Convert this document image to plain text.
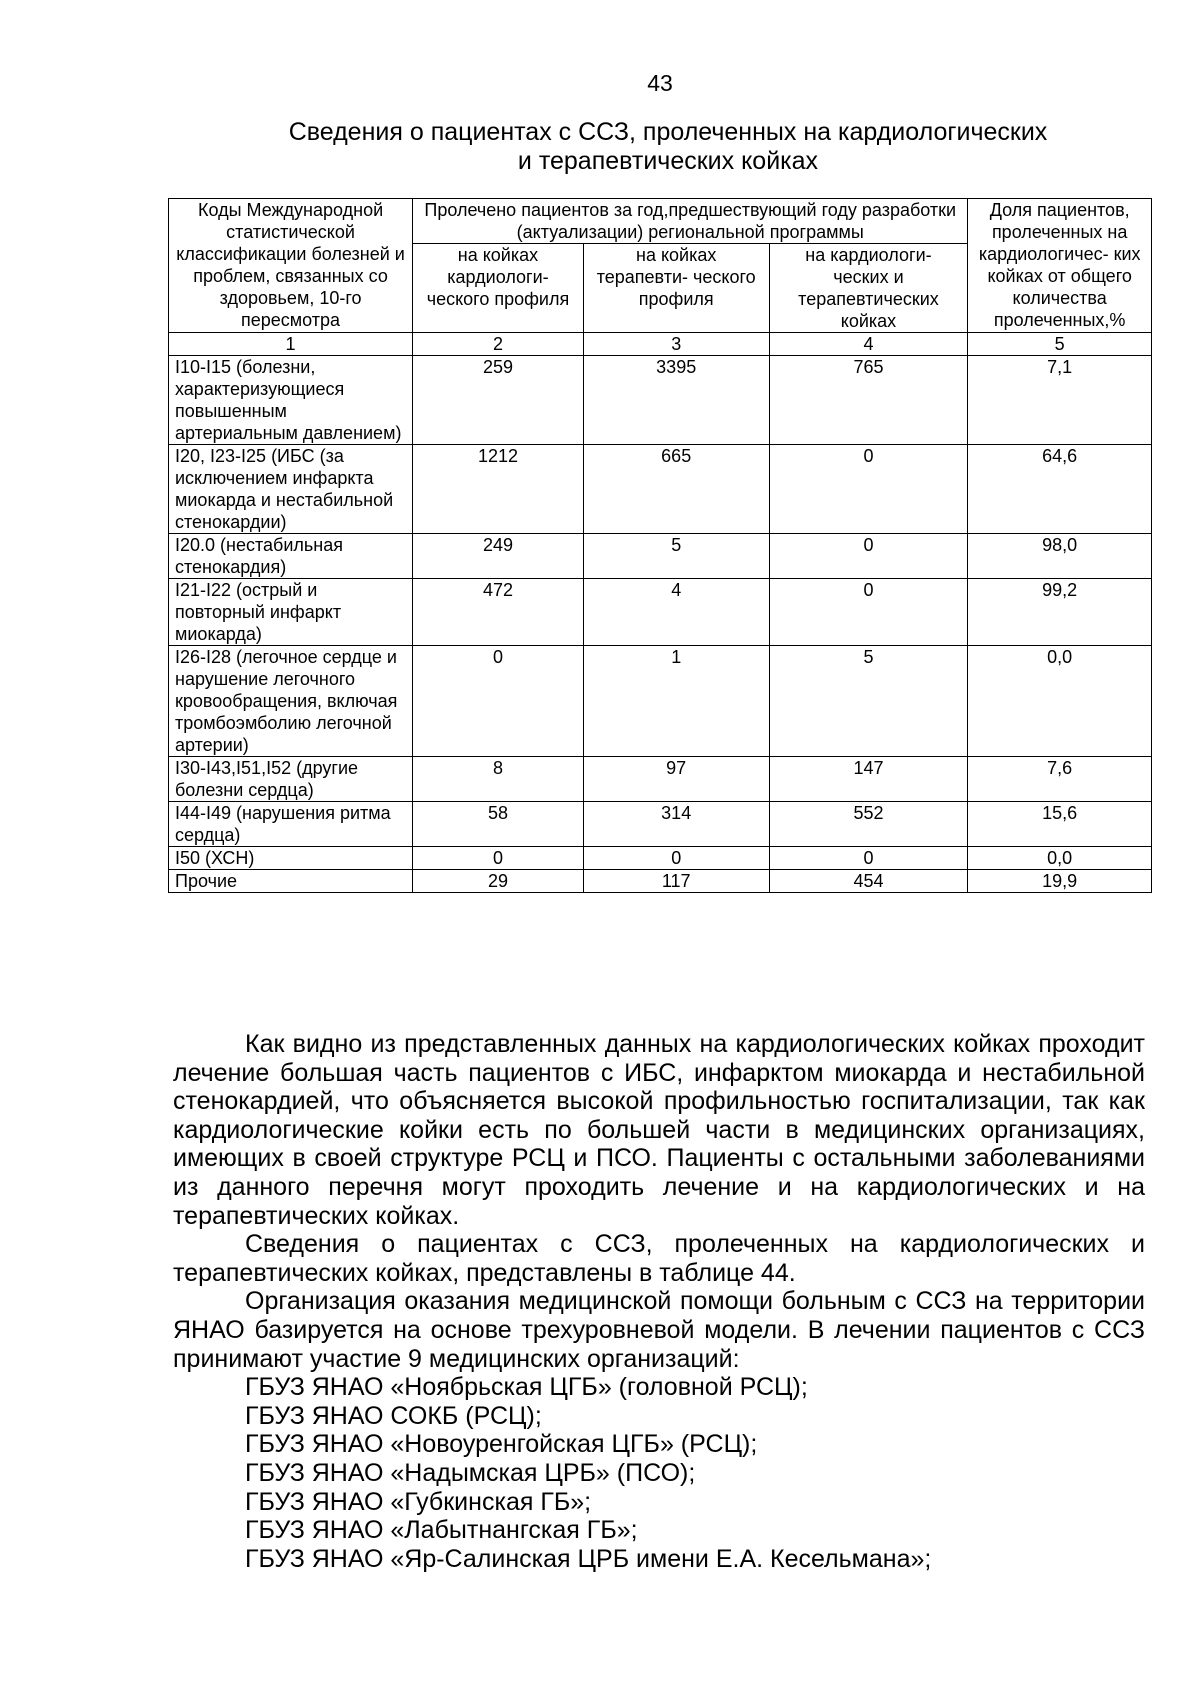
43
Сведения о пациентах с ССЗ, пролеченных на кардиологических
и терапевтических койках
Коды Международной статистической классификации болезней и проблем, связанных со здоровьем, 10-го пересмотра	Пролечено пациентов за год,предшествующий году разработки (актуализации) региональной программы			Доля пациентов, пролеченных на кардиологичес- ких койках от общего количества пролеченных,%
	на койках кардиологи- ческого профиля	на койках терапевти- ческого профиля	на кардиологи- ческих и терапевтических койках	
1	2	3	4	5
I10-I15 (болезни, характеризующиеся повышенным артериальным давлением)	259	3395	765	7,1
I20, I23-I25 (ИБС (за исключением инфаркта миокарда и нестабильной стенокардии)	1212	665	0	64,6
I20.0 (нестабильная стенокардия)	249	5	0	98,0
I21-I22 (острый и повторный инфаркт миокарда)	472	4	0	99,2
I26-I28 (легочное сердце и нарушение легочного кровообращения, включая тромбоэмболию легочной артерии)	0	1	5	0,0
I30-I43,I51,I52 (другие болезни сердца)	8	97	147	7,6
I44-I49 (нарушения ритма сердца)	58	314	552	15,6
I50 (ХСН)	0	0	0	0,0
Прочие	29	117	454	19,9

Как видно из представленных данных на кардиологических койках проходит лечение большая часть пациентов с ИБС, инфарктом миокарда и нестабильной стенокардией, что объясняется высокой профильностью госпитализации, так как кардиологические койки есть по большей части в медицинских организациях, имеющих в своей структуре РСЦ и ПСО. Пациенты с остальными заболеваниями из данного перечня могут проходить лечение и на кардиологических и на терапевтических койках.

Сведения о пациентах с ССЗ, пролеченных на кардиологических и терапевтических койках, представлены в таблице 44.

Организация оказания медицинской помощи больным с ССЗ на территории ЯНАО базируется на основе трехуровневой модели. В лечении пациентов с ССЗ принимают участие 9 медицинских организаций:

ГБУЗ ЯНАО «Ноябрьская ЦГБ» (головной РСЦ);

ГБУЗ ЯНАО СОКБ (РСЦ);

ГБУЗ ЯНАО «Новоуренгойская ЦГБ» (РСЦ);

ГБУЗ ЯНАО «Надымская ЦРБ» (ПСО);

ГБУЗ ЯНАО «Губкинская ГБ»;

ГБУЗ ЯНАО «Лабытнангская ГБ»;

ГБУЗ ЯНАО «Яр-Салинская ЦРБ имени Е.А. Кесельмана»;
